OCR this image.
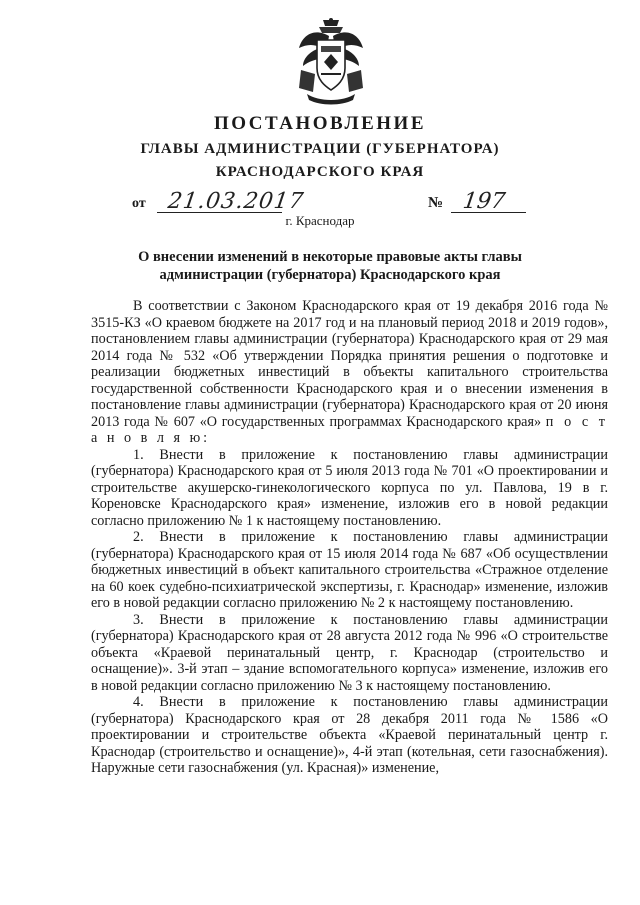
ПОСТАНОВЛЕНИЕ
ГЛАВЫ АДМИНИСТРАЦИИ (ГУБЕРНАТОРА)
КРАСНОДАРСКОГО КРАЯ
от 21.03.2017	№ 197
г. Краснодар
О внесении изменений в некоторые правовые акты главы
администрации (губернатора) Краснодарского края

В соответствии с Законом Краснодарского края от 19 декабря 2016 года № 3515-КЗ «О краевом бюджете на 2017 год и на плановый период 2018 и 2019 годов», постановлением главы администрации (губернатора) Краснодарского края от 29 мая 2014 года № 532 «Об утверждении Порядка принятия решения о подготовке и реализации бюджетных инвестиций в объекты капитального строительства государственной собственности Краснодарского края и о внесении изменения в постановление главы администрации (губернатора) Краснодарского края от 20 июня 2013 года № 607 «О государственных программах Краснодарского края» п о с т а н о в л я ю:

1. Внести в приложение к постановлению главы администрации (губернатора) Краснодарского края от 5 июля 2013 года № 701 «О проектировании и строительстве акушерско-гинекологического корпуса по ул. Павлова, 19 в г. Кореновске Краснодарского края» изменение, изложив его в новой редакции согласно приложению № 1 к настоящему постановлению.

2. Внести в приложение к постановлению главы администрации (губернатора) Краснодарского края от 15 июля 2014 года № 687 «Об осуществлении бюджетных инвестиций в объект капитального строительства «Стражное отделение на 60 коек судебно-психиатрической экспертизы, г. Краснодар» изменение, изложив его в новой редакции согласно приложению № 2 к настоящему постановлению.

3. Внести в приложение к постановлению главы администрации (губернатора) Краснодарского края от 28 августа 2012 года № 996 «О строительстве объекта «Краевой перинатальный центр, г. Краснодар (строительство и оснащение)». 3-й этап – здание вспомогательного корпуса» изменение, изложив его в новой редакции согласно приложению № 3 к настоящему постановлению.

4. Внести в приложение к постановлению главы администрации (губернатора) Краснодарского края от 28 декабря 2011 года № 1586 «О проектировании и строительстве объекта «Краевой перинатальный центр г. Краснодар (строительство и оснащение)», 4-й этап (котельная, сети газоснабжения). Наружные сети газоснабжения (ул. Красная)» изменение,
